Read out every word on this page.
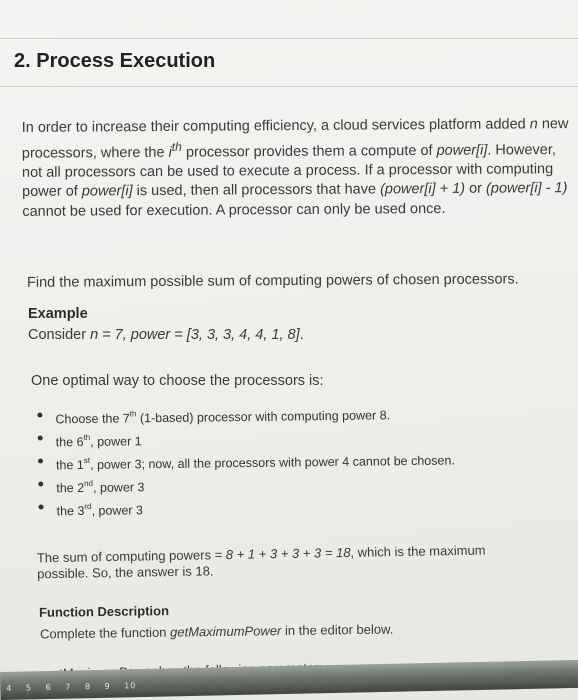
2. Process Execution
In order to increase their computing efficiency, a cloud services platform added n new processors, where the $i^{th}$ processor provides them a compute of power[i]. However, not all processors can be used to execute a process. If a processor with computing power of power[i] is used, then all processors that have (power[i] + 1) or (power[i] - 1) cannot be used for execution. A processor can only be used once.
Find the maximum possible sum of computing powers of chosen processors.
Example
Consider n = 7, power = [3, 3, 3, 4, 4, 1, 8].
One optimal way to choose the processors is:
Choose the 7th (1-based) processor with computing power 8.
the 6th, power 1
the 1st, power 3; now, all the processors with power 4 cannot be chosen.
the 2nd, power 3
the 3rd, power 3
The sum of computing powers = 8 + 1 + 3 + 3 + 3 = 18, which is the maximum possible. So, the answer is 18.
Function Description
Complete the function getMaximumPower in the editor below.
4 5 6 7 8 9 10
